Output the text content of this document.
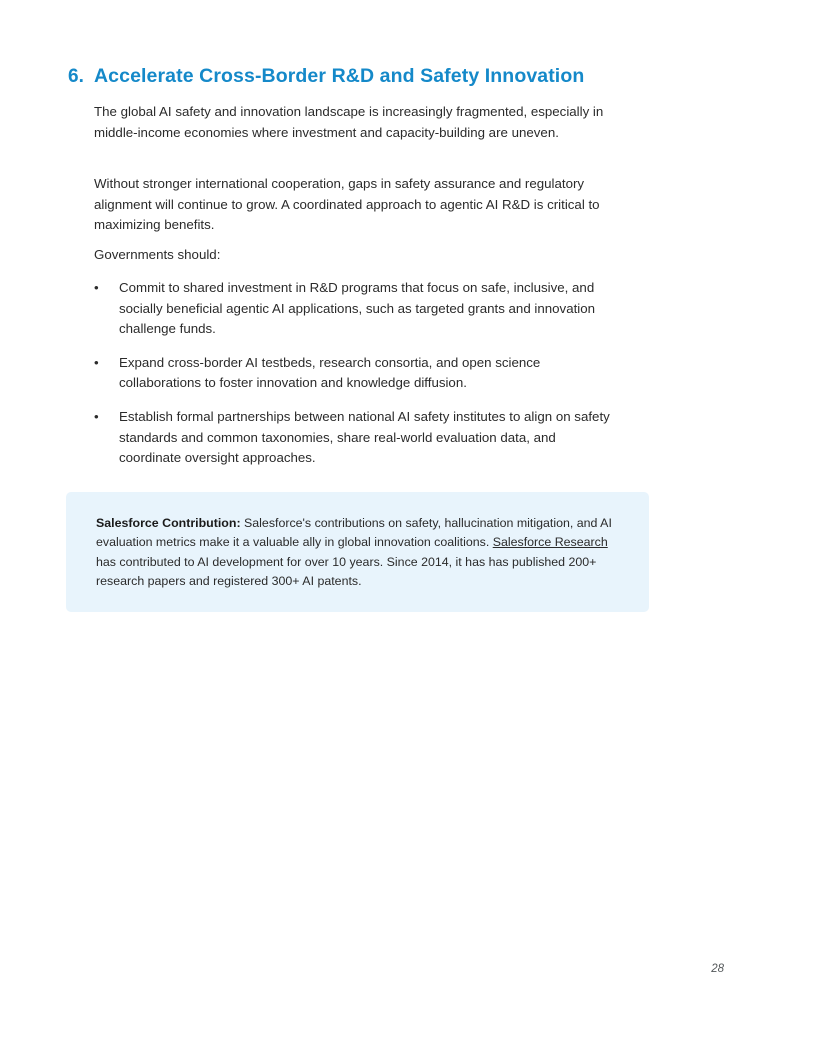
6. Accelerate Cross-Border R&D and Safety Innovation

The global AI safety and innovation landscape is increasingly fragmented, especially in middle-income economies where investment and capacity-building are uneven.

Without stronger international cooperation, gaps in safety assurance and regulatory alignment will continue to grow. A coordinated approach to agentic AI R&D is critical to maximizing benefits.

Governments should:

•	Commit to shared investment in R&D programs that focus on safe, inclusive, and socially beneficial agentic AI applications, such as targeted grants and innovation challenge funds.
•	Expand cross-border AI testbeds, research consortia, and open science collaborations to foster innovation and knowledge diffusion.
•	Establish formal partnerships between national AI safety institutes to align on safety standards and common taxonomies, share real-world evaluation data, and coordinate oversight approaches.

Salesforce Contribution: Salesforce's contributions on safety, hallucination mitigation, and AI evaluation metrics make it a valuable ally in global innovation coalitions. Salesforce Research has contributed to AI development for over 10 years. Since 2014, it has has published 200+ research papers and registered 300+ AI patents.

28
